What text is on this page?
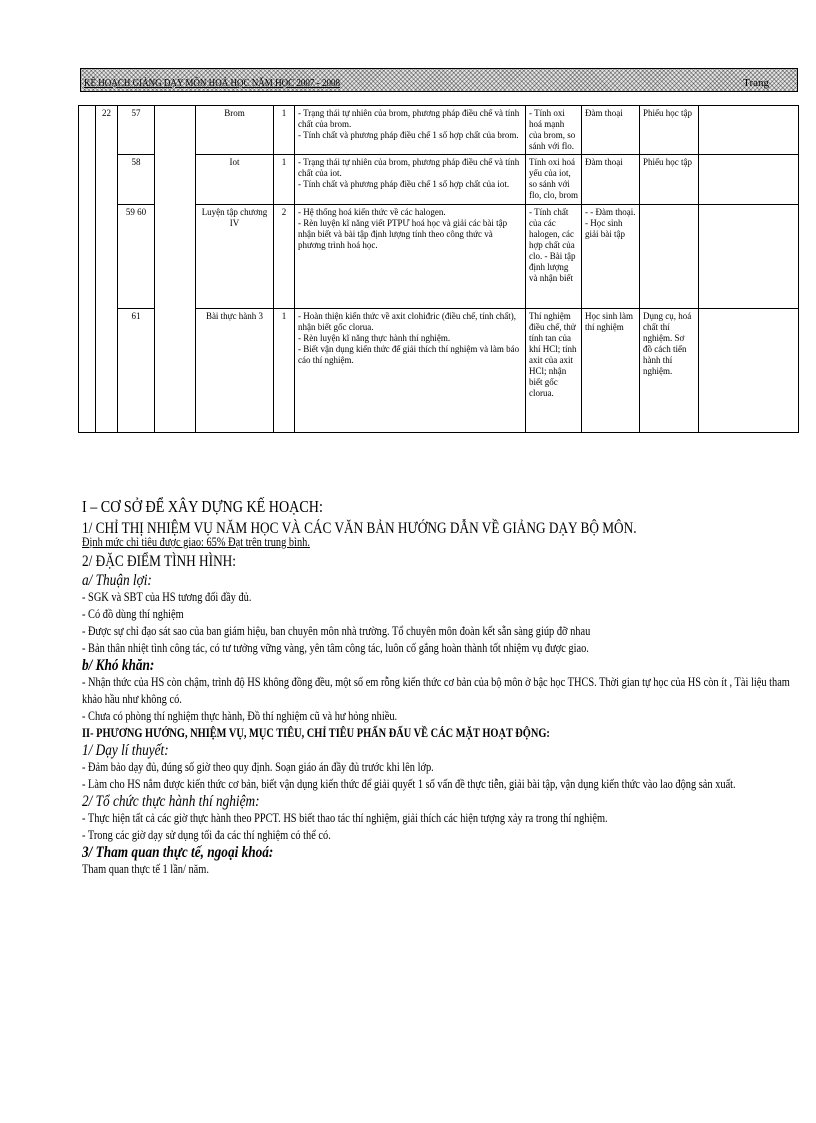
KẾ HOẠCH GIẢNG DẠY MÔN HOÁ HỌC NĂM HỌC 2007 - 2008	Trang
	22	57		Brom	1	- Trạng thái tự nhiên của brom, phương pháp điều chế và tính chất của brom.
- Tính chất và phương pháp điều chế 1 số hợp chất của brom.	- Tính oxi hoá mạnh của brom, so sánh với flo.	Đàm thoại	Phiếu học tập	
		58		Iot	1	- Trạng thái tự nhiên của brom, phương pháp điều chế và tính chất của iot.
- Tính chất và phương pháp điều chế 1 số hợp chất của iot.	Tính oxi hoá yếu của iot, so sánh với flo, clo, brom	Đàm thoại	Phiếu học tập	
		59 60		Luyện tập chương IV	2	- Hệ thống hoá kiến thức về các halogen.
- Rèn luyện kĩ năng viết PTPƯ hoá học và giải các bài tập nhận biết và bài tập định lượng tính theo công thức và phương trình hoá học.	- Tính chất của các halogen, các hợp chất của clo. - Bài tập định lượng và nhận biết	- - Đàm thoại. - Học sinh giải bài tập		
		61		Bài thực hành 3	1	- Hoàn thiện kiến thức về axit clohiđric (điều chế, tính chất), nhận biết gốc clorua.
- Rèn luyện kĩ năng thực hành thí nghiệm.
- Biết vận dụng kiến thức để giải thích thí nghiệm và làm báo cáo thí nghiệm.	Thí nghiệm điều chế, thử tính tan của khí HCl; tính axit của axit HCl; nhận biết gốc clorua.	Học sinh làm thí nghiệm	Dụng cụ, hoá chất thí nghiệm. Sơ đồ cách tiến hành thí nghiệm.	

I – CƠ SỞ ĐỂ XÂY DỰNG KẾ HOẠCH:

1/ CHỈ THỊ NHIỆM VỤ NĂM HỌC VÀ CÁC VĂN BẢN HƯỚNG DẪN VỀ GIẢNG DẠY BỘ MÔN.

Định mức chỉ tiêu được giao: 65% Đạt trên trung bình.

2/ ĐẶC ĐIỂM TÌNH HÌNH:

a/ Thuận lợi:

- SGK và SBT của HS tương đối đầy đủ.

- Có đồ dùng thí nghiệm

- Được sự chỉ đạo sát sao của ban giám hiệu, ban chuyên môn nhà trường. Tổ chuyên môn đoàn kết sẵn sàng giúp đỡ nhau

- Bản thân nhiệt tình công tác, có tư tưởng vững vàng, yên tâm công tác, luôn cố gắng hoàn thành tốt nhiệm vụ được giao.

b/ Khó khăn:

- Nhận thức của HS còn chậm, trình độ HS không đồng đều, một số em rỗng kiến thức cơ bản của bộ môn ở bậc học THCS. Thời gian tự học của HS còn ít , Tài liệu tham khảo hầu như không có.

- Chưa có phòng thí nghiệm thực hành, Đồ thí nghiệm cũ và hư hỏng nhiều.

II- PHƯƠNG HƯỚNG, NHIỆM VỤ, MỤC TIÊU, CHỈ TIÊU PHẤN ĐẤU VỀ CÁC MẶT HOẠT ĐỘNG:

1/ Dạy lí thuyết:

- Đảm bảo dạy đủ, đúng số giờ theo quy định. Soạn giáo án đầy đủ trước khi lên lớp.

- Làm cho HS nắm được kiến thức cơ bản, biết vận dụng kiến thức để giải quyết 1 số vấn đề thực tiễn, giải bài tập, vận dụng kiến thức vào lao động sản xuất.

2/ Tổ chức thực hành thí nghiệm:

- Thực hiện tất cả các giờ thực hành theo PPCT. HS biết thao tác thí nghiệm, giải thích các hiện tượng xảy ra trong thí nghiệm.

- Trong các giờ dạy sử dụng tối đa các thí nghiệm có thể có.

3/ Tham quan thực tế, ngoại khoá:

Tham quan thực tế 1 lần/ năm.
